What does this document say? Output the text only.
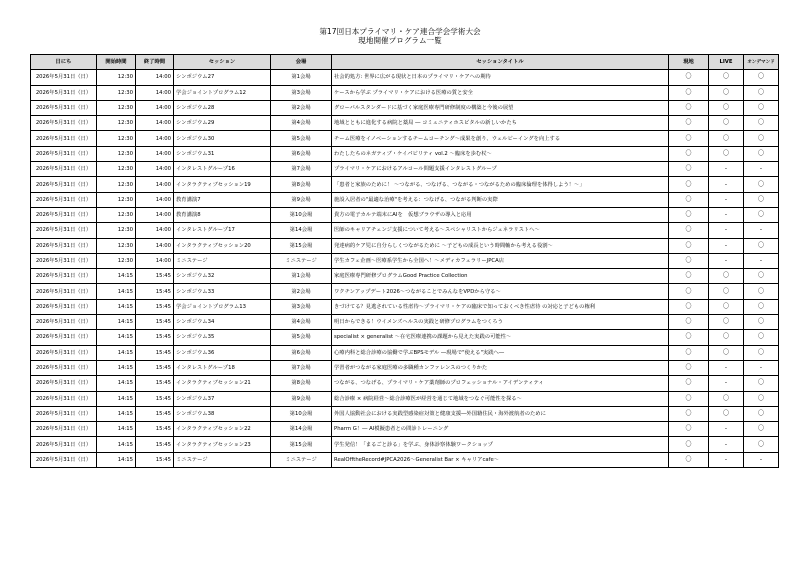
第17回日本プライマリ・ケア連合学会学術大会
現地開催プログラム一覧
日にち	開始時間	終了時間	セッション	会場	セッションタイトル	現地	LIVE	オンデマンド
2026年5月31日（日）	12:30	14:00	シンポジウム27	第1会場	社会的処方: 世界に広がる現状と日本のプライマリ・ケアへの期待	〇	〇	〇
2026年5月31日（日）	12:30	14:00	学会ジョイントプログラム12	第3会場	ケースから学ぶ プライマリ・ケアにおける医療の質と安全	〇	〇	〇
2026年5月31日（日）	12:30	14:00	シンポジウム28	第2会場	グローバルスタンダードに基づく家庭医療専門研修制度の構築と今後の展望	〇	〇	〇
2026年5月31日（日）	12:30	14:00	シンポジウム29	第4会場	地域とともに進化する病院と薬局 ― コミュニティホスピタルの新しいかたち	〇	〇	〇
2026年5月31日（日）	12:30	14:00	シンポジウム30	第5会場	チーム医療をイノベーションするチームコーチング～成果を創り、ウェルビーイングを向上する	〇	〇	〇
2026年5月31日（日）	12:30	14:00	シンポジウム31	第6会場	わたしたちのネガティブ・ケイパビリティ vol.2 ～臨床を歩む杖～	〇	〇	〇
2026年5月31日（日）	12:30	14:00	インタレストグループ16	第7会場	プライマリ・ケアにおけるアルコール問題支援インタレストグループ	〇	-	-
2026年5月31日（日）	12:30	14:00	インタラクティブセッション19	第8会場	「患者と家族のために！ ～つながる、つなげる、つながる・つながるための臨床倫理を体得しよう！～」	〇	-	〇
2026年5月31日（日）	12:30	14:00	教育講演7	第9会場	施設入居者の"最適な治療"を考える：つなげる、つながる判断の実際	〇	-	〇
2026年5月31日（日）	12:30	14:00	教育講演8	第10会場	貴方の電子カルテ端末にAIを　仮想ブラウザの導入と応用	〇	-	〇
2026年5月31日（日）	12:30	14:00	インタレストグループ17	第14会場	医師のキャリアチェンジ支援について考える～スペシャリストからジェネラリストへ～	〇	-	-
2026年5月31日（日）	12:30	14:00	インタラクティブセッション20	第15会場	発達病的ケア児に自分らしくつながるために ～子どもの成長という時間軸から考える役割～	〇	-	〇
2026年5月31日（日）	12:30	14:00	ミニステージ	ミニステージ	学生カフェ企画～医療系学生から全国へ！～メディカフェラリーJPCA店	〇	-	-
2026年5月31日（日）	14:15	15:45	シンポジウム32	第1会場	家庭医療専門研修プログラムGood Practice Collection	〇	〇	〇
2026年5月31日（日）	14:15	15:45	シンポジウム33	第2会場	ワクチンアップデート2026～つながることでみんなをVPDから守る～	〇	〇	〇
2026年5月31日（日）	14:15	15:45	学会ジョイントプログラム13	第3会場	きづけてる？見逃されている性虐待～プライマリ・ケアの臨床で知っておくべき性虐待 の対応と子どもの権利	〇	〇	〇
2026年5月31日（日）	14:15	15:45	シンポジウム34	第4会場	明日からできる！ウイメンズヘルスの実践と研修プログラムをつくろう	〇	〇	〇
2026年5月31日（日）	14:15	15:45	シンポジウム35	第5会場	specialist × generalist ～在宅医療連携の課題から見えた実践の可能性～	〇	〇	〇
2026年5月31日（日）	14:15	15:45	シンポジウム36	第6会場	心療内科と総合診療の協働で学ぶBPSモデル ―現場で"使える"実践へ―	〇	〇	〇
2026年5月31日（日）	14:15	15:45	インタレストグループ18	第7会場	学習者がつながる家庭医療の多職種カンファレンスのつくりかた	〇	-	-
2026年5月31日（日）	14:15	15:45	インタラクティブセッション21	第8会場	つながる、つなげる、プライマリ・ケア薬剤師のプロフェッショナル・アイデンティティ	〇	-	〇
2026年5月31日（日）	14:15	15:45	シンポジウム37	第9会場	総合診療 × 病院経営～総合診療医が経営を通じて地域をつなぐ可能性を探る～	〇	〇	〇
2026年5月31日（日）	14:15	15:45	シンポジウム38	第10会場	外国人協動社会における実践型感染症対策と健康支援―外国籍住民・海外渡航者のために	〇	〇	〇
2026年5月31日（日）	14:15	15:45	インタラクティブセッション22	第14会場	Pharm G！― AI模擬患者との問診トレーニング	〇	-	〇
2026年5月31日（日）	14:15	15:45	インタラクティブセッション23	第15会場	学生発信！「まるごと診る」を学ぶ、身体診察体験ワークショップ	〇	-	〇
2026年5月31日（日）	14:15	15:45	ミニステージ	ミニステージ	RealOfftheRecord#JPCA2026～Generalist Bar × キャリアcafe～	〇	-	-
